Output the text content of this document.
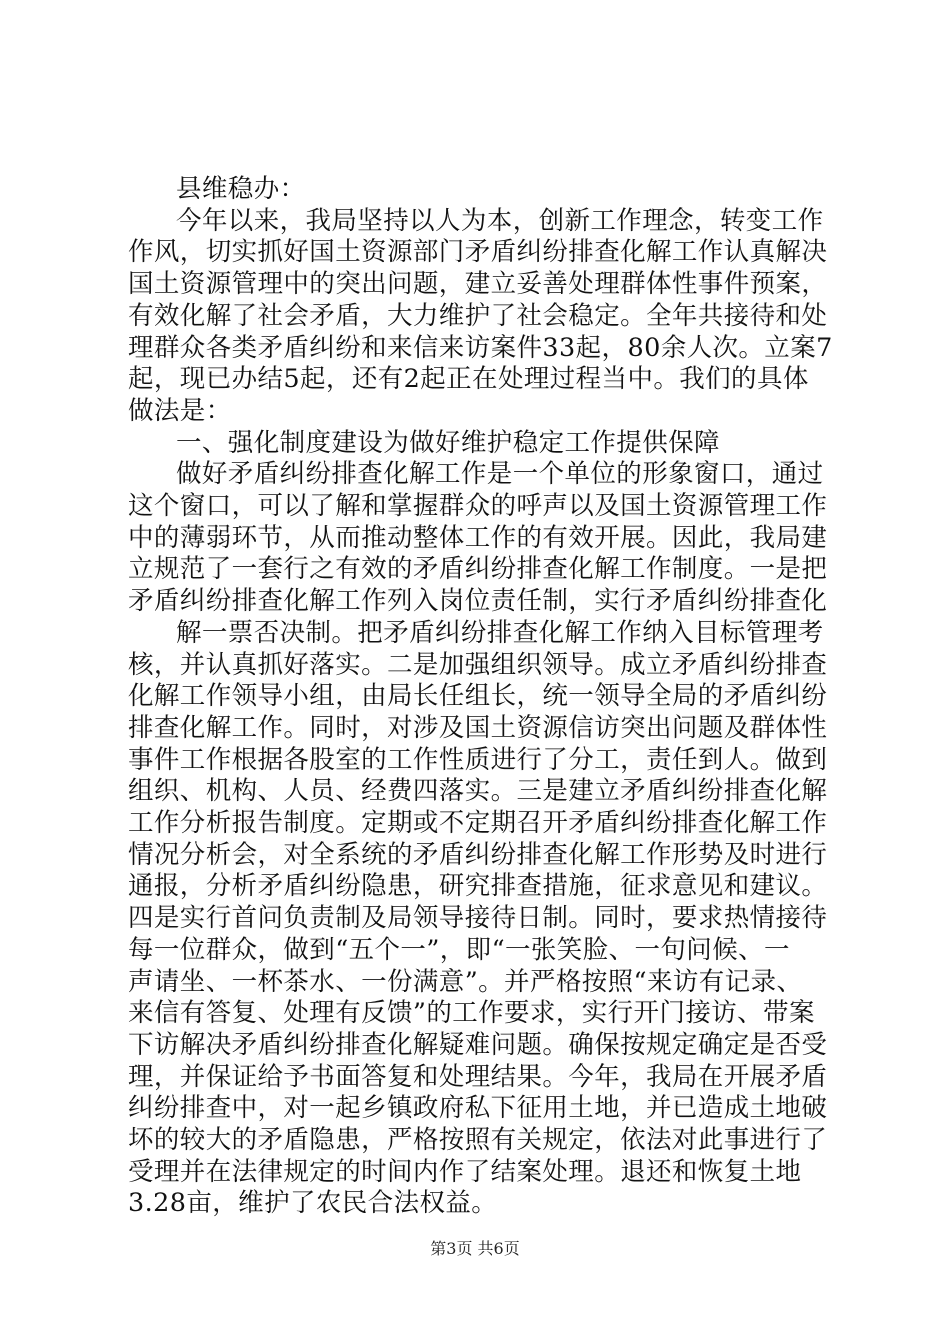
县维稳办：
今年以来，我局坚持以人为本，创新工作理念，转变工作
作风，切实抓好国土资源部门矛盾纠纷排查化解工作认真解决
国土资源管理中的突出问题，建立妥善处理群体性事件预案，
有效化解了社会矛盾，大力维护了社会稳定。全年共接待和处
理群众各类矛盾纠纷和来信来访案件33起，80余人次。立案7
起，现已办结5起，还有2起正在处理过程当中。我们的具体
做法是：
一、强化制度建设为做好维护稳定工作提供保障
做好矛盾纠纷排查化解工作是一个单位的形象窗口，通过
这个窗口，可以了解和掌握群众的呼声以及国土资源管理工作
中的薄弱环节，从而推动整体工作的有效开展。因此，我局建
立规范了一套行之有效的矛盾纠纷排查化解工作制度。一是把
矛盾纠纷排查化解工作列入岗位责任制，实行矛盾纠纷排查化
解一票否决制。把矛盾纠纷排查化解工作纳入目标管理考
核，并认真抓好落实。二是加强组织领导。成立矛盾纠纷排查
化解工作领导小组，由局长任组长，统一领导全局的矛盾纠纷
排查化解工作。同时，对涉及国土资源信访突出问题及群体性
事件工作根据各股室的工作性质进行了分工，责任到人。做到
组织、机构、人员、经费四落实。三是建立矛盾纠纷排查化解
工作分析报告制度。定期或不定期召开矛盾纠纷排查化解工作
情况分析会，对全系统的矛盾纠纷排查化解工作形势及时进行
通报，分析矛盾纠纷隐患，研究排查措施，征求意见和建议。
四是实行首问负责制及局领导接待日制。同时，要求热情接待
每一位群众，做到“五个一”，即“一张笑脸、一句问候、一
声请坐、一杯茶水、一份满意”。并严格按照“来访有记录、
来信有答复、处理有反馈”的工作要求，实行开门接访、带案
下访解决矛盾纠纷排查化解疑难问题。确保按规定确定是否受
理，并保证给予书面答复和处理结果。今年，我局在开展矛盾
纠纷排查中，对一起乡镇政府私下征用土地，并已造成土地破
坏的较大的矛盾隐患，严格按照有关规定，依法对此事进行了
受理并在法律规定的时间内作了结案处理。退还和恢复土地
3.28亩，维护了农民合法权益。
第3页 共6页
